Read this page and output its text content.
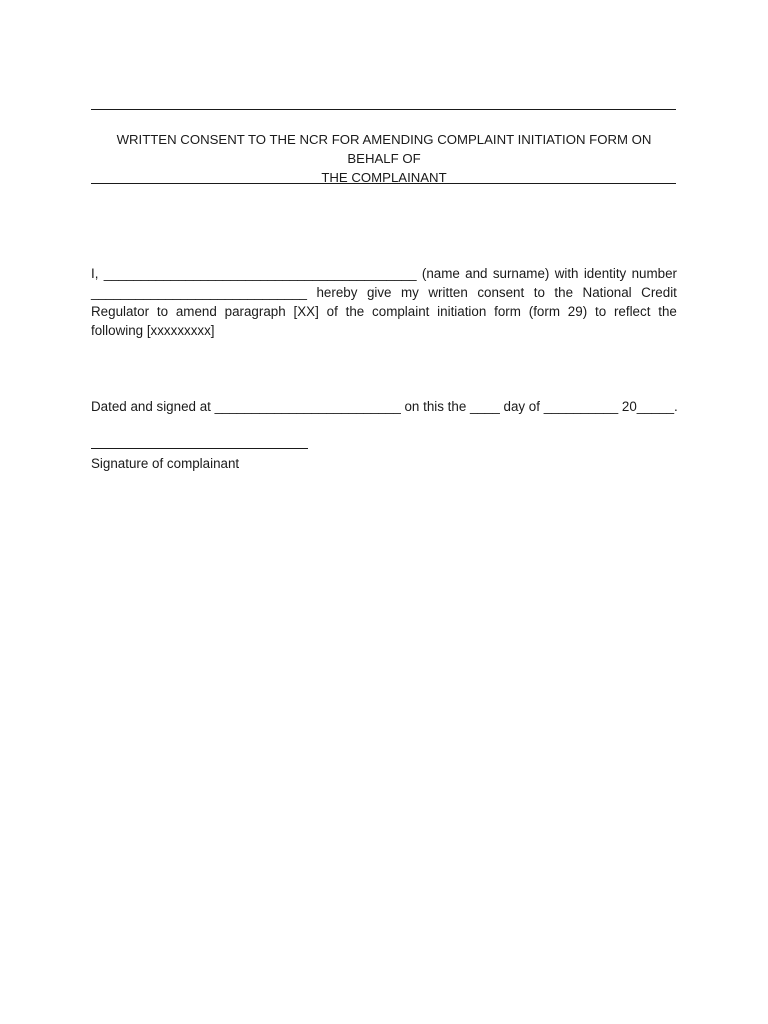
WRITTEN CONSENT TO THE NCR FOR AMENDING COMPLAINT INITIATION FORM ON BEHALF OF
THE COMPLAINANT
I, __________________________________________ (name and surname) with identity number
_____________________________ hereby give my written consent to the National Credit
Regulator to amend paragraph [XX] of the complaint initiation form (form 29) to reflect the
following [xxxxxxxxx]
Dated and signed at _________________________ on this the ____ day of __________ 20_____.
Signature of complainant
